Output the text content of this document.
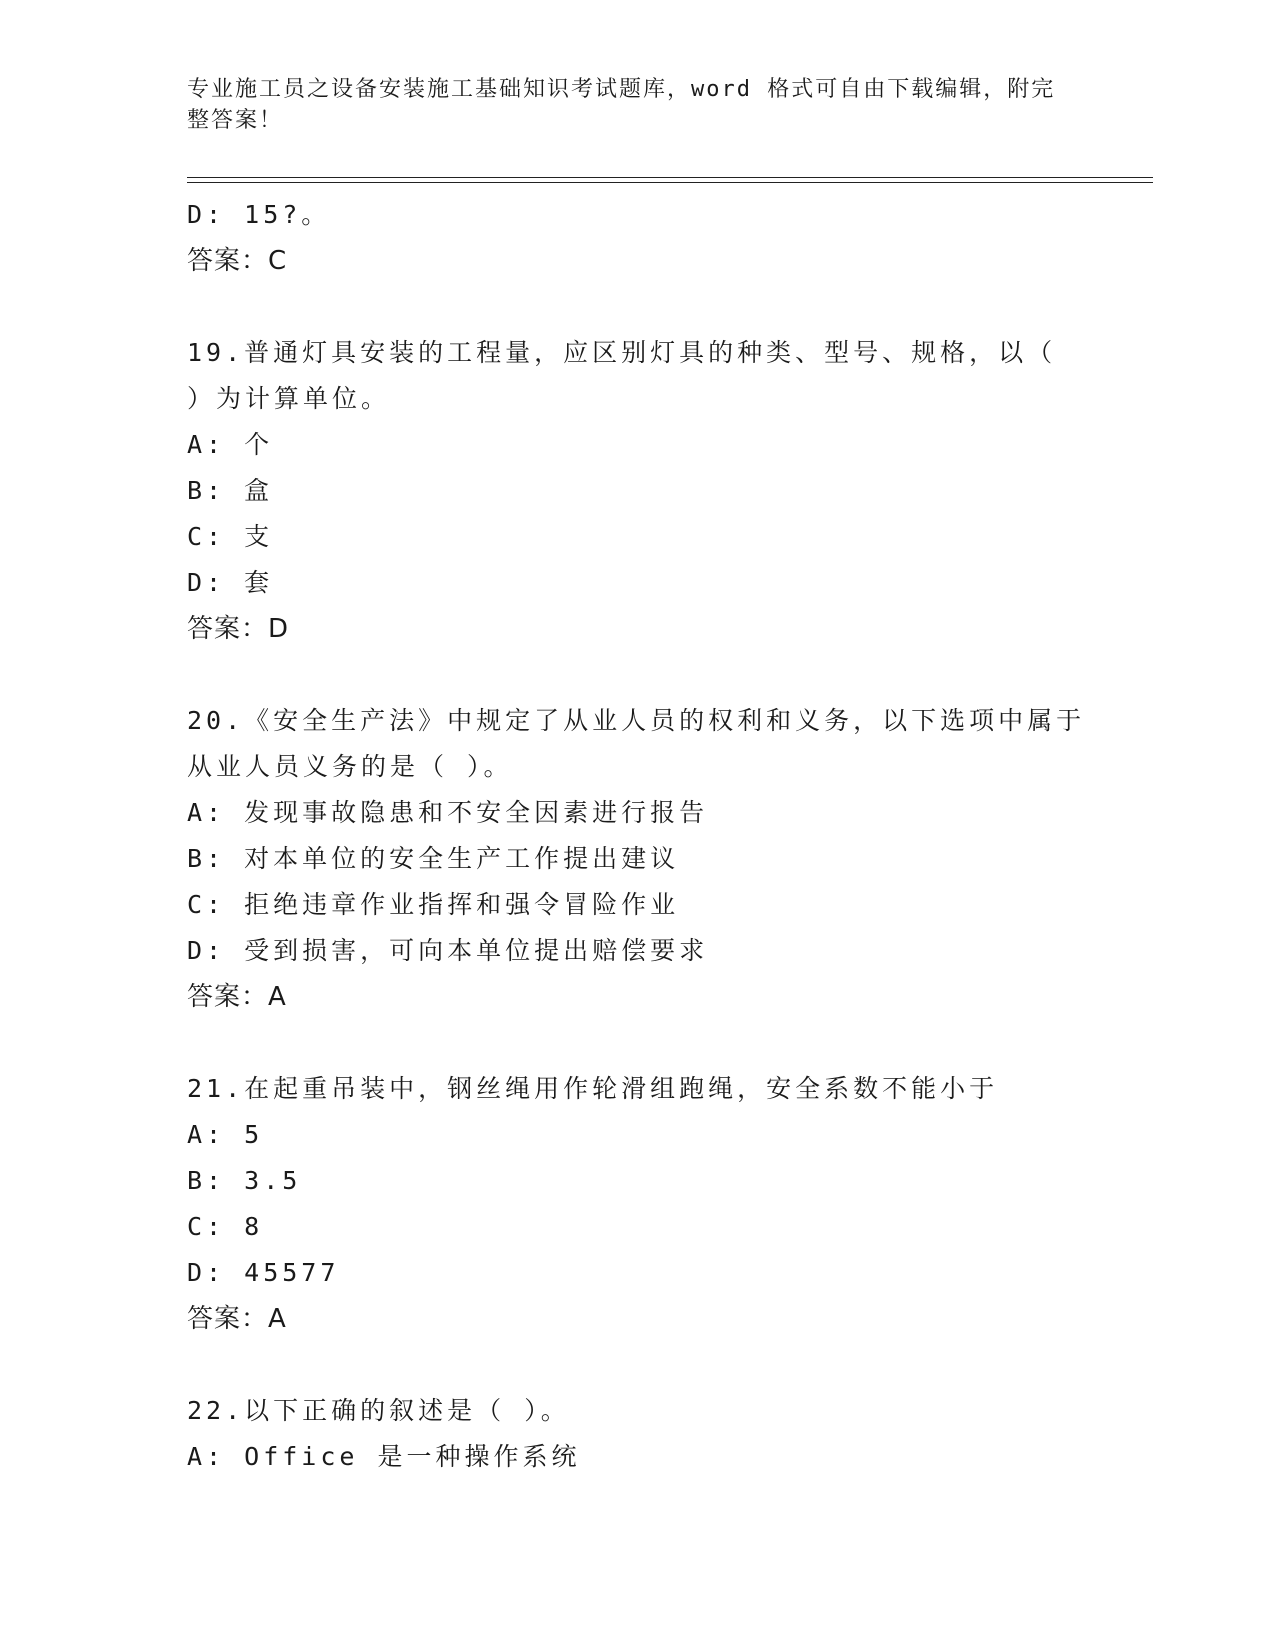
专业施工员之设备安装施工基础知识考试题库，word 格式可自由下载编辑，附完
整答案！
D: 15?。
答案：C
19.普通灯具安装的工程量，应区别灯具的种类、型号、规格，以（
）为计算单位。
A: 个
B: 盒
C: 支
D: 套
答案：D
20.《安全生产法》中规定了从业人员的权利和义务，以下选项中属于
从业人员义务的是（ ）。
A: 发现事故隐患和不安全因素进行报告
B: 对本单位的安全生产工作提出建议
C: 拒绝违章作业指挥和强令冒险作业
D: 受到损害，可向本单位提出赔偿要求
答案：A
21.在起重吊装中，钢丝绳用作轮滑组跑绳，安全系数不能小于
A: 5
B: 3.5
C: 8
D: 45577
答案：A
22.以下正确的叙述是（ ）。
A: Office 是一种操作系统
